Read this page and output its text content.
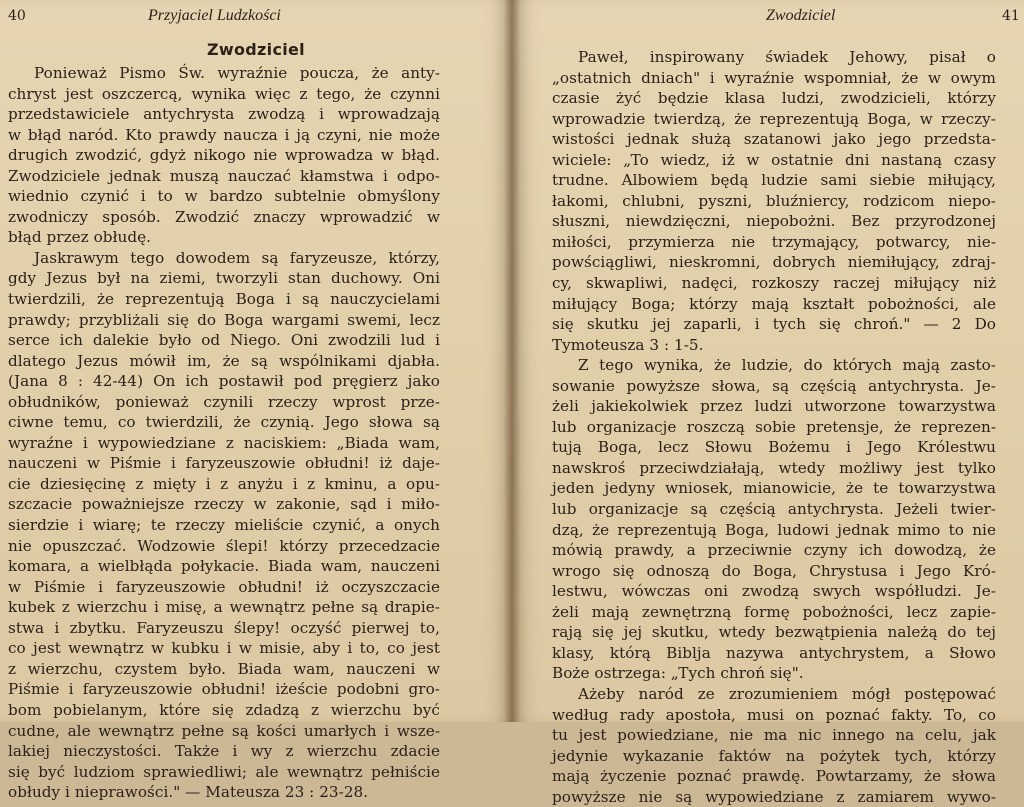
40	Przyjaciel Ludzkości
Zwodziciel
Ponieważ Pismo Św. wyraźnie poucza, że anty-
chryst jest oszczercą, wynika więc z tego, że czynni
przedstawiciele antychrysta zwodzą i wprowadzają
w błąd naród. Kto prawdy naucza i ją czyni, nie może
drugich zwodzić, gdyż nikogo nie wprowadza w błąd.
Zwodziciele jednak muszą nauczać kłamstwa i odpo-
wiednio czynić i to w bardzo subtelnie obmyślony
zwodniczy sposób. Zwodzić znaczy wprowadzić w
błąd przez obłudę.
Jaskrawym tego dowodem są faryzeusze, którzy,
gdy Jezus był na ziemi, tworzyli stan duchowy. Oni
twierdzili, że reprezentują Boga i są nauczycielami
prawdy; przybliżali się do Boga wargami swemi, lecz
serce ich dalekie było od Niego. Oni zwodzili lud i
dlatego Jezus mówił im, że są wspólnikami djabła.
(Jana 8 : 42-44) On ich postawił pod pręgierz jako
obłudników, ponieważ czynili rzeczy wprost prze-
ciwne temu, co twierdzili, że czynią. Jego słowa są
wyraźne i wypowiedziane z naciskiem: „Biada wam,
nauczeni w Piśmie i faryzeuszowie obłudni! iż daje-
cie dziesięcinę z mięty i z anyżu i z kminu, a opu-
szczacie poważniejsze rzeczy w zakonie, sąd i miło-
sierdzie i wiarę; te rzeczy mieliście czynić, a onych
nie opuszczać. Wodzowie ślepi! którzy przecedzacie
komara, a wielbłąda połykacie. Biada wam, nauczeni
w Piśmie i faryzeuszowie obłudni! iż oczyszczacie
kubek z wierzchu i misę, a wewnątrz pełne są drapie-
stwa i zbytku. Faryzeuszu ślepy! oczyść pierwej to,
co jest wewnątrz w kubku i w misie, aby i to, co jest
z wierzchu, czystem było. Biada wam, nauczeni w
Piśmie i faryzeuszowie obłudni! iżeście podobni gro-
bom pobielanym, które się zdadzą z wierzchu być
cudne, ale wewnątrz pełne są kości umarłych i wsze-
lakiej nieczystości. Także i wy z wierzchu zdacie
się być ludziom sprawiedliwi; ale wewnątrz pełniście
obłudy i nieprawości." — Mateusza 23 : 23-28.
Zwodziciel	41
Paweł, inspirowany świadek Jehowy, pisał o
„ostatnich dniach" i wyraźnie wspomniał, że w owym
czasie żyć będzie klasa ludzi, zwodzicieli, którzy
wprowadzie twierdzą, że reprezentują Boga, w rzeczy-
wistości jednak służą szatanowi jako jego przedsta-
wiciele: „To wiedz, iż w ostatnie dni nastaną czasy
trudne. Albowiem będą ludzie sami siebie miłujący,
łakomi, chlubni, pyszni, bluźniercy, rodzicom niepo-
słuszni, niewdzięczni, niepobożni. Bez przyrodzonej
miłości, przymierza nie trzymający, potwarcy, nie-
powściągliwi, nieskromni, dobrych niemiłujący, zdraj-
cy, skwapliwi, nadęci, rozkoszy raczej miłujący niż
miłujący Boga; którzy mają kształt pobożności, ale
się skutku jej zaparli, i tych się chroń." — 2 Do
Tymoteusza 3 : 1-5.
Z tego wynika, że ludzie, do których mają zasto-
sowanie powyższe słowa, są częścią antychrysta. Je-
żeli jakiekolwiek przez ludzi utworzone towarzystwa
lub organizacje roszczą sobie pretensje, że reprezen-
tują Boga, lecz Słowu Bożemu i Jego Królestwu
nawskroś przeciwdziałają, wtedy możliwy jest tylko
jeden jedyny wniosek, mianowicie, że te towarzystwa
lub organizacje są częścią antychrysta. Jeżeli twier-
dzą, że reprezentują Boga, ludowi jednak mimo to nie
mówią prawdy, a przeciwnie czyny ich dowodzą, że
wrogo się odnoszą do Boga, Chrystusa i Jego Kró-
lestwu, wówczas oni zwodzą swych współludzi. Je-
żeli mają zewnętrzną formę pobożności, lecz zapie-
rają się jej skutku, wtedy bezwątpienia należą do tej
klasy, którą Biblja nazywa antychrystem, a Słowo
Boże ostrzega: „Tych chroń się".
Ażeby naród ze zrozumieniem mógł postępować
według rady apostoła, musi on poznać fakty. To, co
tu jest powiedziane, nie ma nic innego na celu, jak
jedynie wykazanie faktów na pożytek tych, którzy
mają życzenie poznać prawdę. Powtarzamy, że słowa
powyższe nie są wypowiedziane z zamiarem wywo-
